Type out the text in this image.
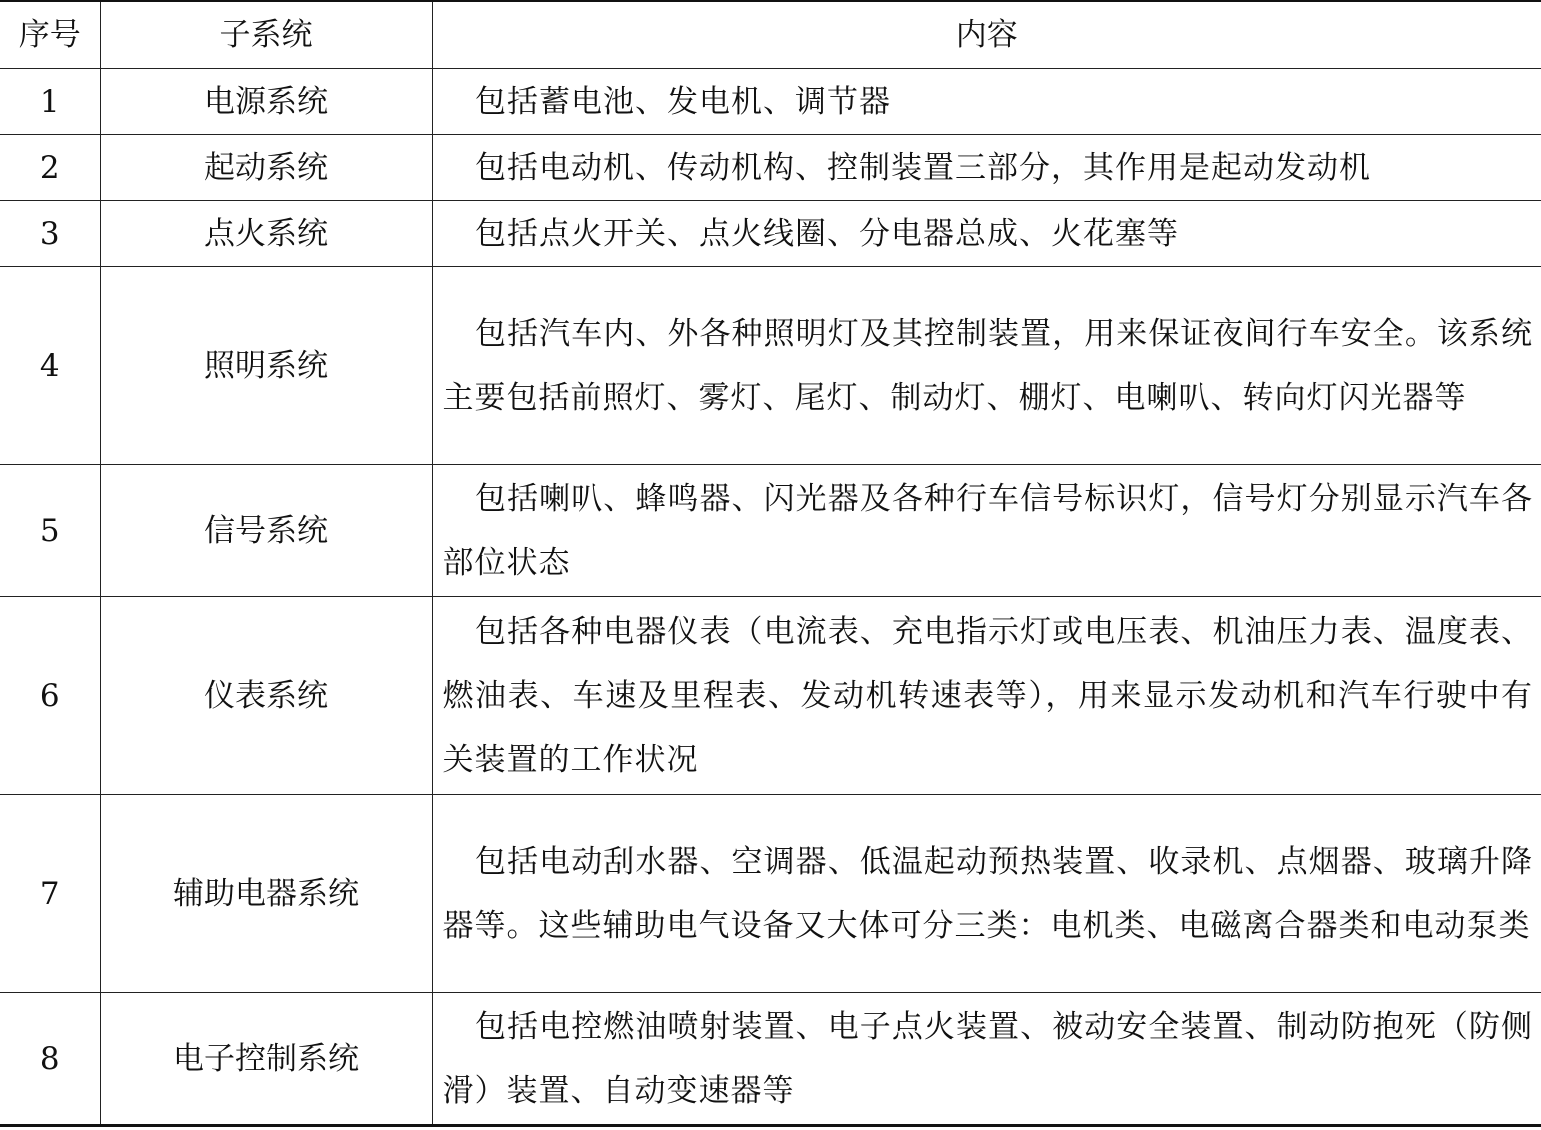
序号	子系统	内容
1	电源系统	包括蓄电池、发电机、调节器

2	起动系统	包括电动机、传动机构、控制装置三部分，其作用是起动发动机

3	点火系统	包括点火开关、点火线圈、分电器总成、火花塞等

4	照明系统	包括汽车内、外各种照明灯及其控制装置，用来保证夜间行车安全。该系统主要包括前照灯、雾灯、尾灯、制动灯、棚灯、电喇叭、转向灯闪光器等

5	信号系统	包括喇叭、蜂鸣器、闪光器及各种行车信号标识灯，信号灯分别显示汽车各部位状态

6	仪表系统	包括各种电器仪表（电流表、充电指示灯或电压表、机油压力表、温度表、燃油表、车速及里程表、发动机转速表等），用来显示发动机和汽车行驶中有关装置的工作状况

7	辅助电器系统	包括电动刮水器、空调器、低温起动预热装置、收录机、点烟器、玻璃升降器等。这些辅助电气设备又大体可分三类：电机类、电磁离合器类和电动泵类

8	电子控制系统	包括电控燃油喷射装置、电子点火装置、被动安全装置、制动防抱死（防侧滑）装置、自动变速器等
